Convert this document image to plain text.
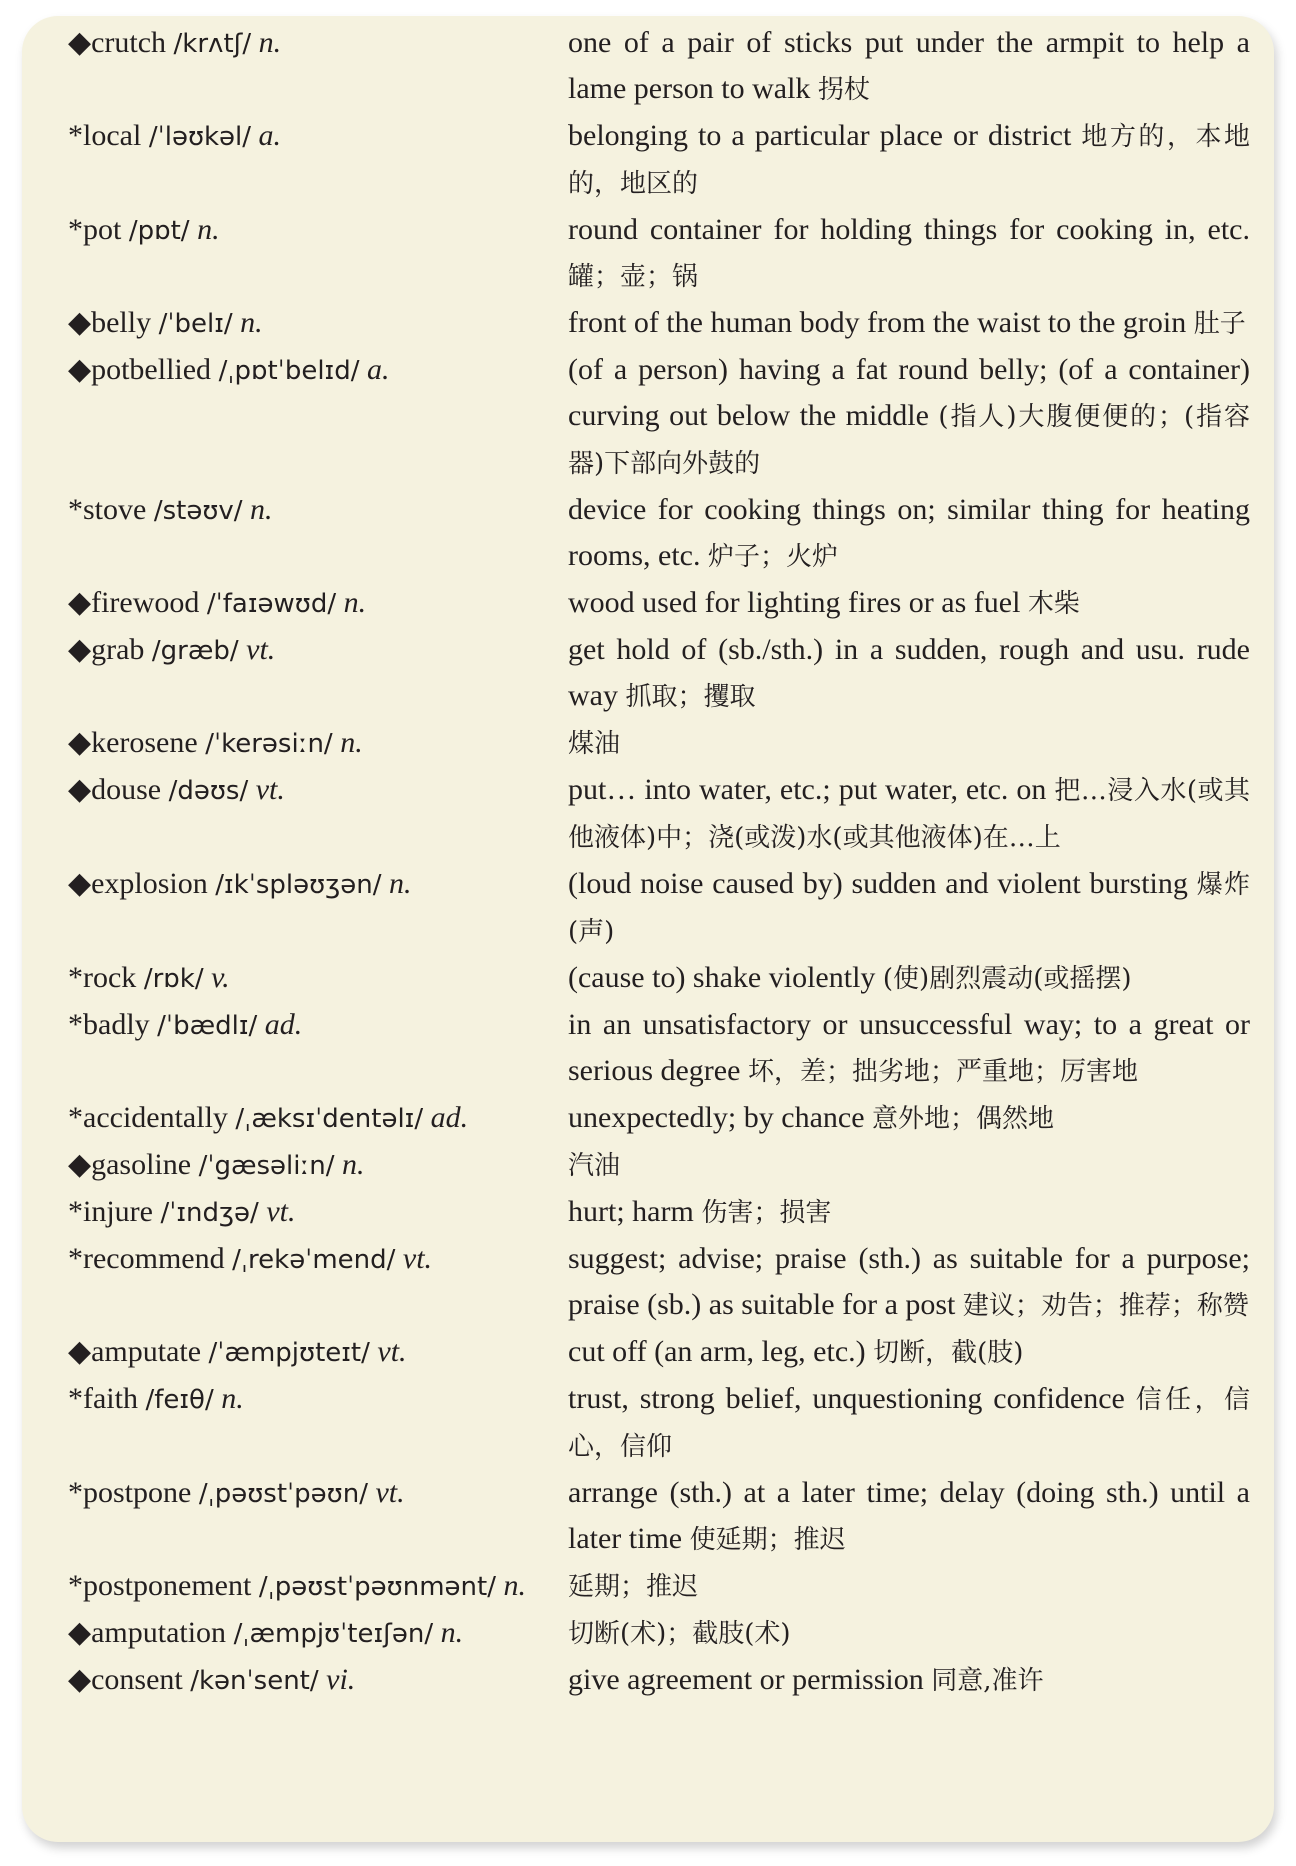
◆crutch /krʌtʃ/ n.	one of a pair of sticks put under the armpit to help a lame person to walk 拐杖
*local /ˈləʊkəl/ a.	belonging to a particular place or district 地方的，本地的，地区的
*pot /pɒt/ n.	round container for holding things for cooking in, etc. 罐；壶；锅
◆belly /ˈbelɪ/ n.	front of the human body from the waist to the groin 肚子
◆potbellied /ˌpɒtˈbelɪd/ a.	(of a person) having a fat round belly; (of a container) curving out below the middle (指人)大腹便便的；(指容器)下部向外鼓的
*stove /stəʊv/ n.	device for cooking things on; similar thing for heating rooms, etc. 炉子；火炉
◆firewood /ˈfaɪəwʊd/ n.	wood used for lighting fires or as fuel 木柴
◆grab /græb/ vt.	get hold of (sb./sth.) in a sudden, rough and usu. rude way 抓取；攫取
◆kerosene /ˈkerəsiːn/ n.	煤油
◆douse /dəʊs/ vt.	put… into water, etc.; put water, etc. on 把…浸入水(或其他液体)中；浇(或泼)水(或其他液体)在…上
◆explosion /ɪkˈspləʊʒən/ n.	(loud noise caused by) sudden and violent bursting 爆炸(声)
*rock /rɒk/ v.	(cause to) shake violently (使)剧烈震动(或摇摆)
*badly /ˈbædlɪ/ ad.	in an unsatisfactory or unsuccessful way; to a great or serious degree 坏，差；拙劣地；严重地；厉害地
*accidentally /ˌæksɪˈdentəlɪ/ ad.	unexpectedly; by chance 意外地；偶然地
◆gasoline /ˈgæsəliːn/ n.	汽油
*injure /ˈɪndʒə/ vt.	hurt; harm 伤害；损害
*recommend /ˌrekəˈmend/ vt.	suggest; advise; praise (sth.) as suitable for a purpose; praise (sb.) as suitable for a post 建议；劝告；推荐；称赞
◆amputate /ˈæmpjʊteɪt/ vt.	cut off (an arm, leg, etc.) 切断，截(肢)
*faith /feɪθ/ n.	trust, strong belief, unquestioning confidence 信任，信心，信仰
*postpone /ˌpəʊstˈpəʊn/ vt.	arrange (sth.) at a later time; delay (doing sth.) until a later time 使延期；推迟
*postponement /ˌpəʊstˈpəʊnmənt/ n.	延期；推迟
◆amputation /ˌæmpjʊˈteɪʃən/ n.	切断(术)；截肢(术)
◆consent /kənˈsent/ vi.	give agreement or permission 同意,准许
